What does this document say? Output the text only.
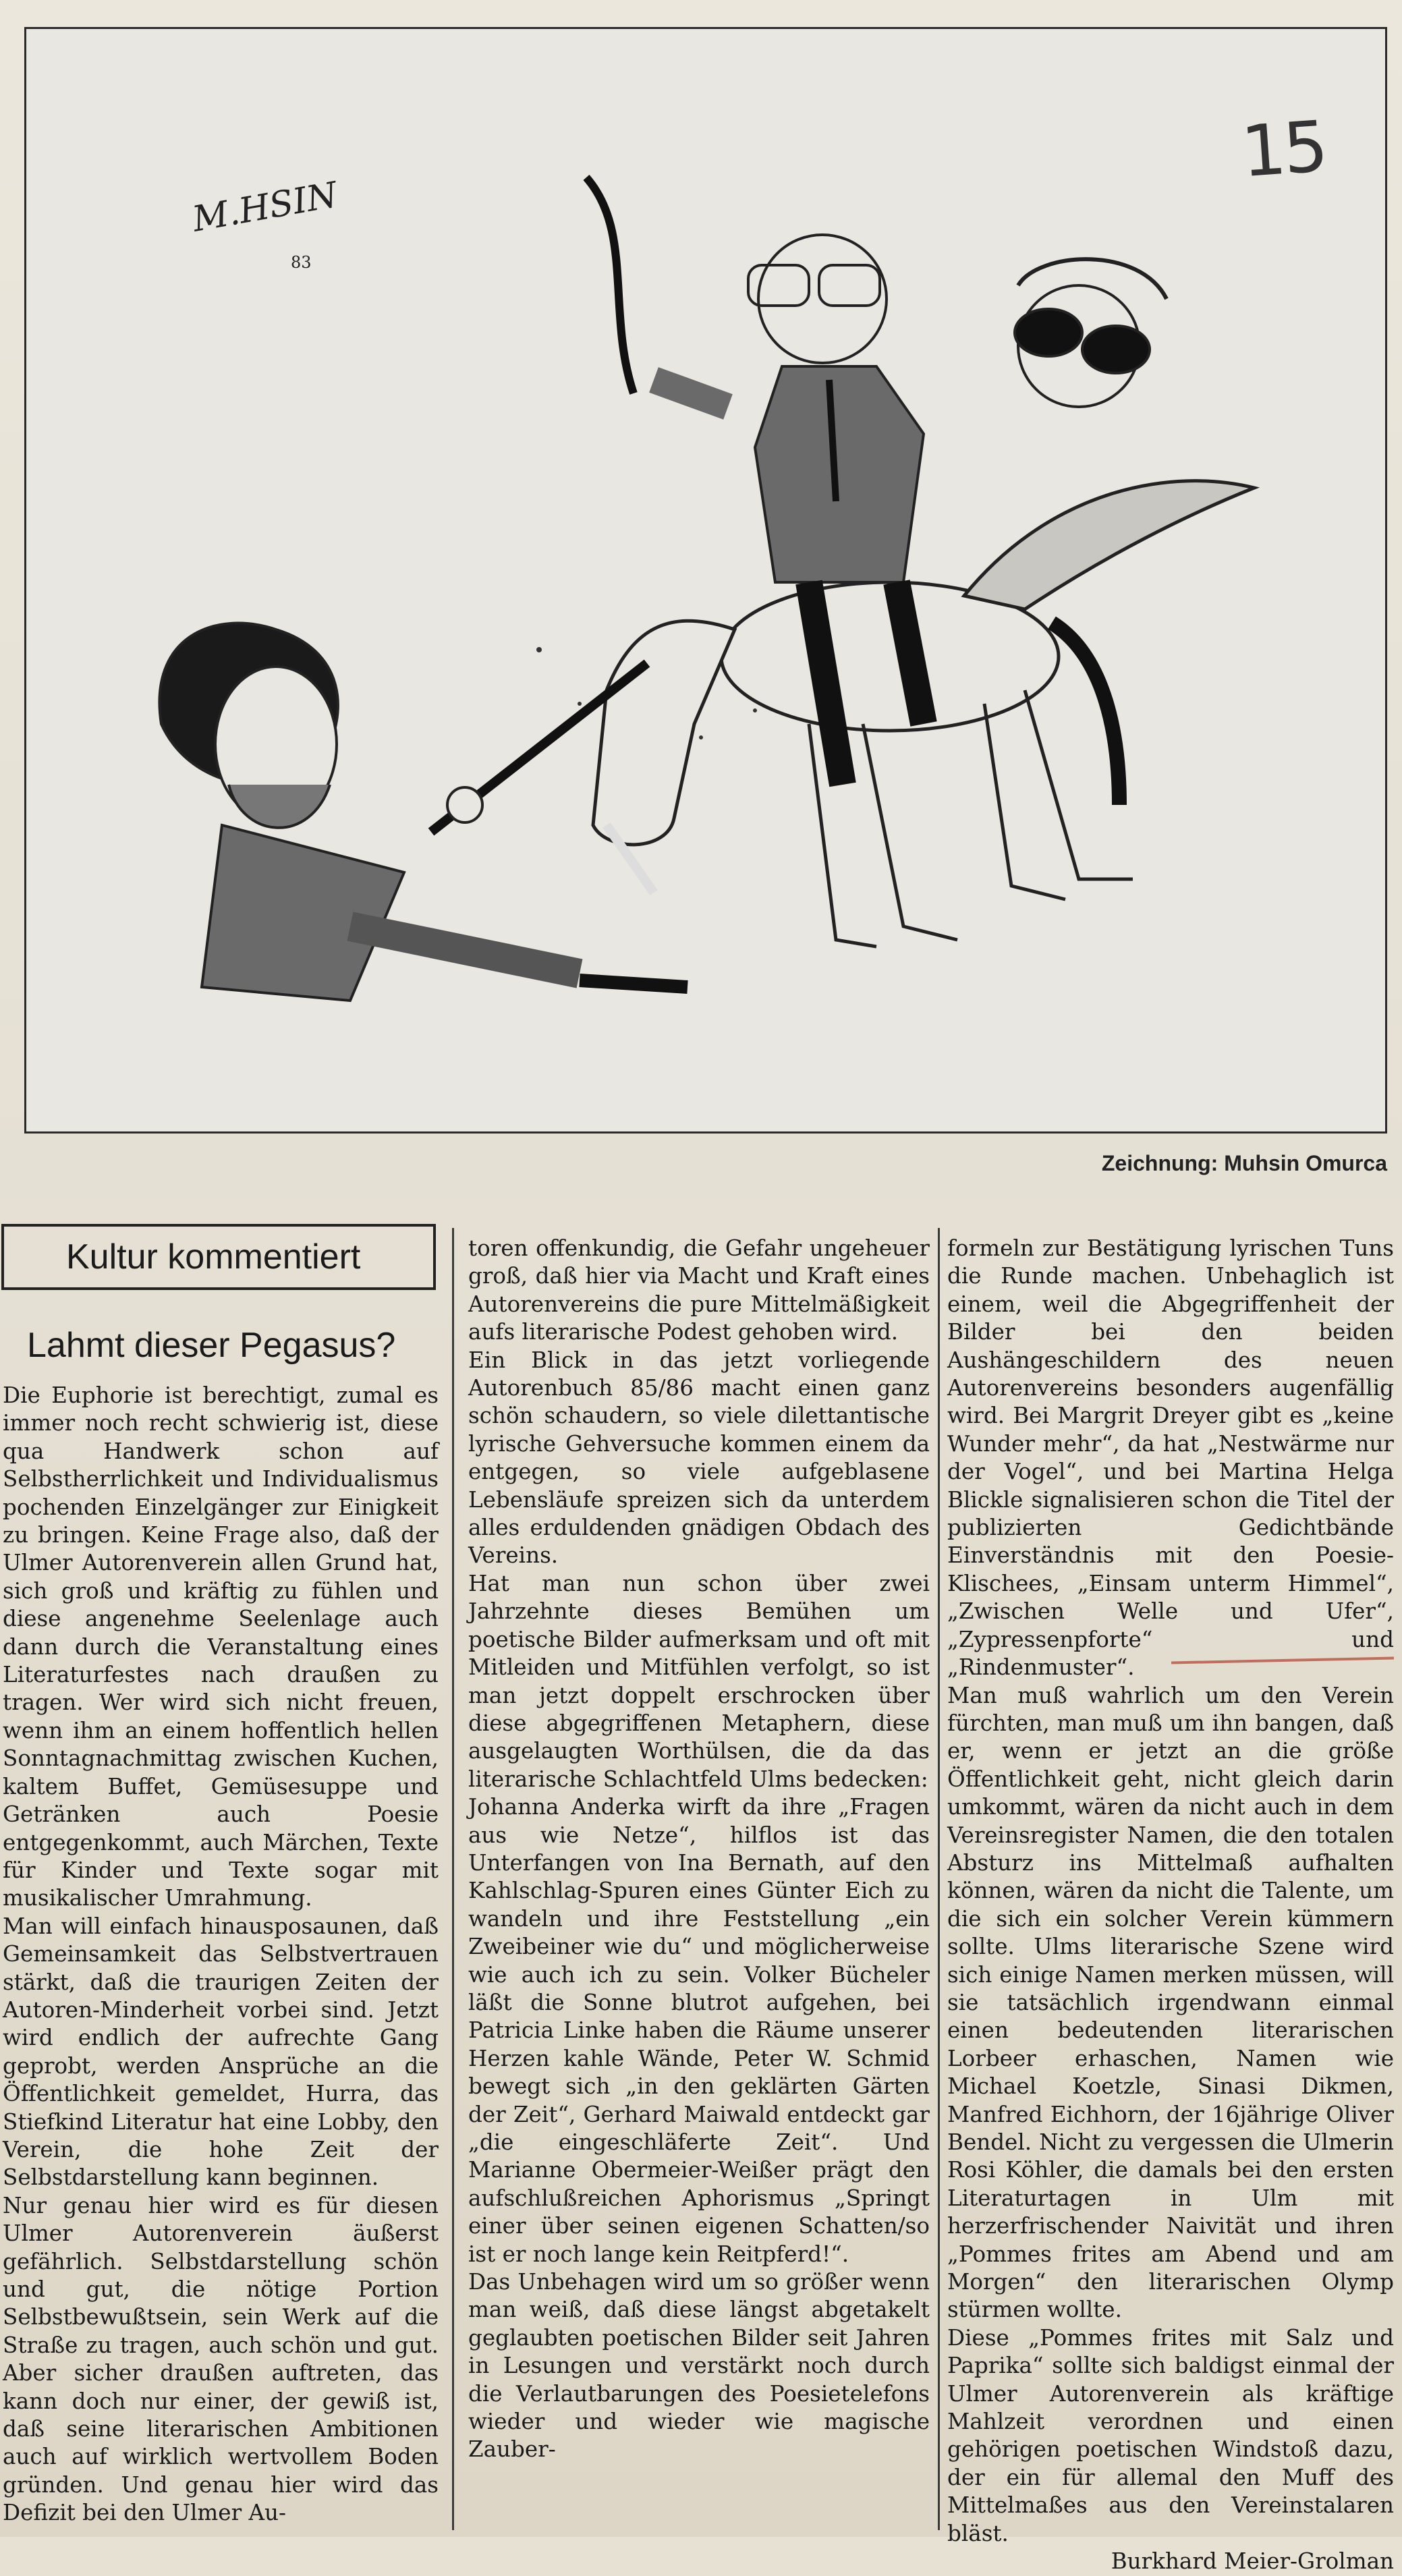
M.HSIN
83
15
Zeichnung: Muhsin Omurca
Kultur kommentiert
Lahmt dieser Pegasus?

Die Euphorie ist berechtigt, zumal es immer noch recht schwierig ist, diese qua Handwerk schon auf Selbstherrlichkeit und Individualismus pochenden Einzelgänger zur Einigkeit zu bringen. Keine Frage also, daß der Ulmer Autorenverein allen Grund hat, sich groß und kräftig zu fühlen und diese angenehme Seelenlage auch dann durch die Veranstaltung eines Literaturfestes nach draußen zu tragen. Wer wird sich nicht freuen, wenn ihm an einem hoffentlich hellen Sonntagnachmittag zwischen Kuchen, kaltem Buffet, Gemüsesuppe und Getränken auch Poesie entgegenkommt, auch Märchen, Texte für Kinder und Texte sogar mit musikalischer Umrahmung.

Man will einfach hinausposaunen, daß Gemeinsamkeit das Selbstvertrauen stärkt, daß die traurigen Zeiten der Autoren-Minderheit vorbei sind. Jetzt wird endlich der aufrechte Gang geprobt, werden Ansprüche an die Öffentlichkeit gemeldet, Hurra, das Stiefkind Literatur hat eine Lobby, den Verein, die hohe Zeit der Selbstdarstellung kann beginnen.

Nur genau hier wird es für diesen Ulmer Autorenverein äußerst gefährlich. Selbstdarstellung schön und gut, die nötige Portion Selbstbewußtsein, sein Werk auf die Straße zu tragen, auch schön und gut. Aber sicher draußen auftreten, das kann doch nur einer, der gewiß ist, daß seine literarischen Ambitionen auch auf wirklich wertvollem Boden gründen. Und genau hier wird das Defizit bei den Ulmer Au-

toren offenkundig, die Gefahr ungeheuer groß, daß hier via Macht und Kraft eines Autorenvereins die pure Mittelmäßigkeit aufs literarische Podest gehoben wird.

Ein Blick in das jetzt vorliegende Autorenbuch 85/86 macht einen ganz schön schaudern, so viele dilettantische lyrische Gehversuche kommen einem da entgegen, so viele aufgeblasene Lebensläufe spreizen sich da unterdem alles erduldenden gnädigen Obdach des Vereins.

Hat man nun schon über zwei Jahrzehnte dieses Bemühen um poetische Bilder aufmerksam und oft mit Mitleiden und Mitfühlen verfolgt, so ist man jetzt doppelt erschrocken über diese abgegriffenen Metaphern, diese ausgelaugten Worthülsen, die da das literarische Schlachtfeld Ulms bedecken:

Johanna Anderka wirft da ihre „Fragen aus wie Netze“, hilflos ist das Unterfangen von Ina Bernath, auf den Kahlschlag-Spuren eines Günter Eich zu wandeln und ihre Feststellung „ein Zweibeiner wie du“ und möglicherweise wie auch ich zu sein. Volker Bücheler läßt die Sonne blutrot aufgehen, bei Patricia Linke haben die Räume unserer Herzen kahle Wände, Peter W. Schmid bewegt sich „in den geklärten Gärten der Zeit“, Gerhard Maiwald entdeckt gar „die eingeschläferte Zeit“. Und Marianne Obermeier-Weißer prägt den aufschlußreichen Aphorismus „Springt einer über seinen eigenen Schatten/so ist er noch lange kein Reitpferd!“.

Das Unbehagen wird um so größer wenn man weiß, daß diese längst abgetakelt geglaubten poetischen Bilder seit Jahren in Lesungen und verstärkt noch durch die Verlautbarungen des Poesietelefons wieder und wieder wie magische Zauber-

formeln zur Bestätigung lyrischen Tuns die Runde machen. Unbehaglich ist einem, weil die Abgegriffenheit der Bilder bei den beiden Aushängeschildern des neuen Autorenvereins besonders augenfällig wird. Bei Margrit Dreyer gibt es „keine Wunder mehr“, da hat „Nestwärme nur der Vogel“, und bei Martina Helga Blickle signalisieren schon die Titel der publizierten Gedichtbände Einverständnis mit den Poesie-Klischees, „Einsam unterm Himmel“, „Zwischen Welle und Ufer“, „Zypressenpforte“ und „Rindenmuster“.

Man muß wahrlich um den Verein fürchten, man muß um ihn bangen, daß er, wenn er jetzt an die größe Öffentlichkeit geht, nicht gleich darin umkommt, wären da nicht auch in dem Vereinsregister Namen, die den totalen Absturz ins Mittelmaß aufhalten können, wären da nicht die Talente, um die sich ein solcher Verein kümmern sollte. Ulms literarische Szene wird sich einige Namen merken müssen, will sie tatsächlich irgendwann einmal einen bedeutenden literarischen Lorbeer erhaschen, Namen wie Michael Koetzle, Sinasi Dikmen, Manfred Eichhorn, der 16jährige Oliver Bendel. Nicht zu vergessen die Ulmerin Rosi Köhler, die damals bei den ersten Literaturtagen in Ulm mit herzerfrischender Naivität und ihren „Pommes frites am Abend und am Morgen“ den literarischen Olymp stürmen wollte.

Diese „Pommes frites mit Salz und Paprika“ sollte sich baldigst einmal der Ulmer Autorenverein als kräftige Mahlzeit verordnen und einen gehörigen poetischen Windstoß dazu, der ein für allemal den Muff des Mittelmaßes aus den Vereinstalaren bläst.

Burkhard Meier-Grolman
